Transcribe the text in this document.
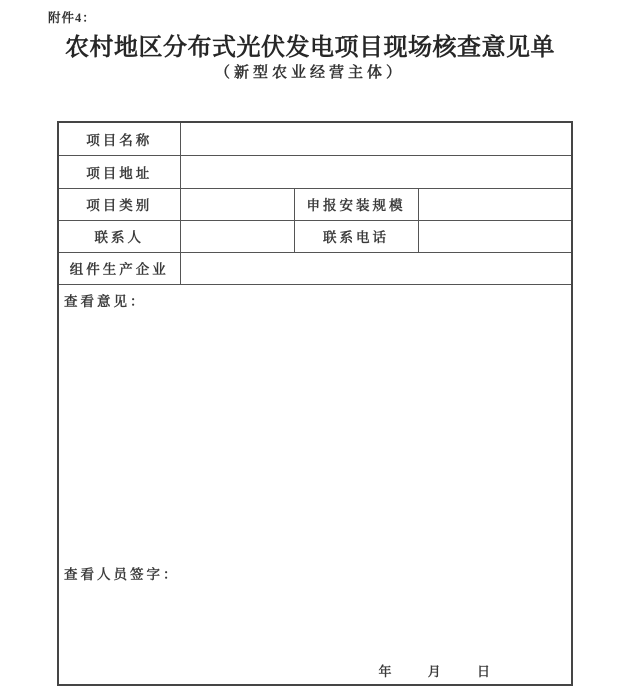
附件4：
农村地区分布式光伏发电项目现场核查意见单
（新型农业经营主体）
项目名称			
项目地址			
项目类别		申报安装规模	
联系人		联系电话	
组件生产企业			

查看意见：
查看人员签字：
年 月 日			
